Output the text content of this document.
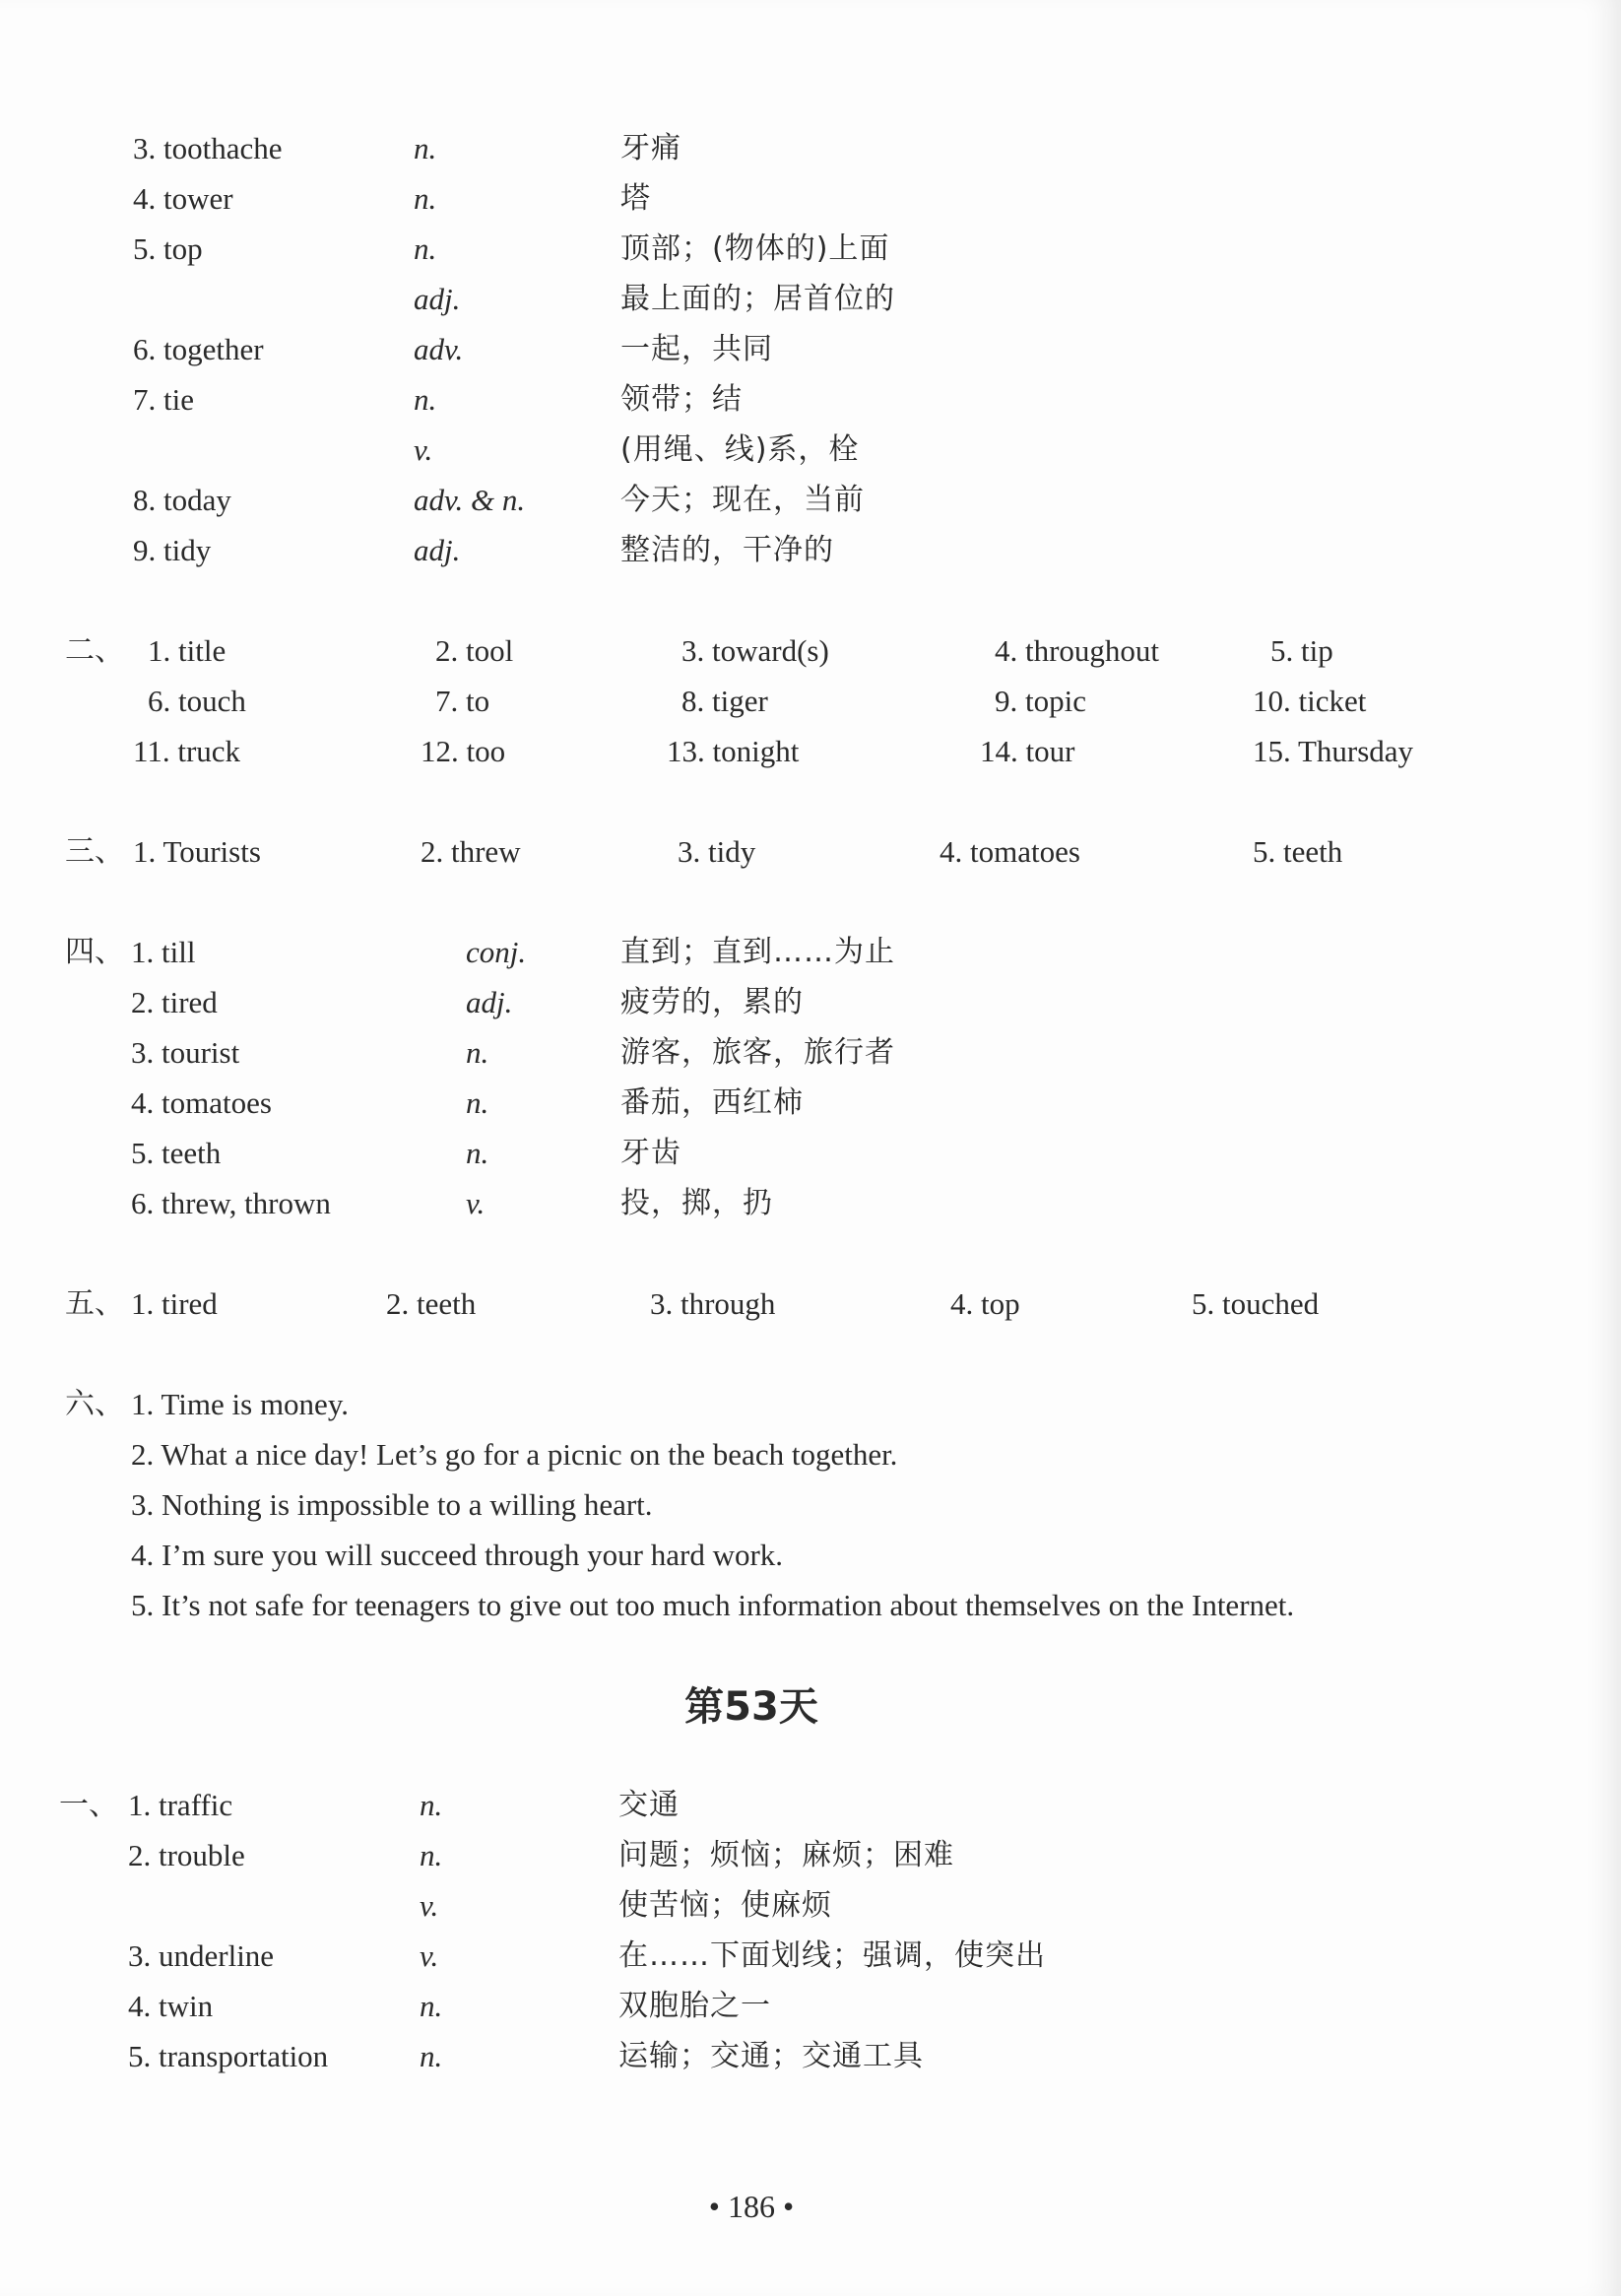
3. toothache	n.	牙痛
4. tower	n.	塔
5. top	n.	顶部；(物体的)上面
adj.	最上面的；居首位的
6. together	adv.	一起，共同
7. tie	n.	领带；结
v.	(用绳、线)系，栓
8. today	adv. & n.	今天；现在，当前
9. tidy	adj.	整洁的，干净的
二、 1. title	2. tool	3. toward(s)	4. throughout	5. tip
6. touch	7. to	8. tiger	9. topic	10. ticket
11. truck	12. too	13. tonight	14. tour	15. Thursday
三、 1. Tourists	2. threw	3. tidy	4. tomatoes	5. teeth
四、 1. till	conj.	直到；直到……为止
2. tired	adj.	疲劳的，累的
3. tourist	n.	游客，旅客，旅行者
4. tomatoes	n.	番茄，西红柿
5. teeth	n.	牙齿
6. threw, thrown	v.	投，掷，扔
五、 1. tired	2. teeth	3. through	4. top	5. touched
六、 1. Time is money.
2. What a nice day! Let’s go for a picnic on the beach together.
3. Nothing is impossible to a willing heart.
4. I’m sure you will succeed through your hard work.
5. It’s not safe for teenagers to give out too much information about themselves on the Internet.
第53天
一、 1. traffic	n.	交通
2. trouble	n.	问题；烦恼；麻烦；困难
v.	使苦恼；使麻烦
3. underline	v.	在……下面划线；强调，使突出
4. twin	n.	双胞胎之一
5. transportation	n.	运输；交通；交通工具
• 186 •
